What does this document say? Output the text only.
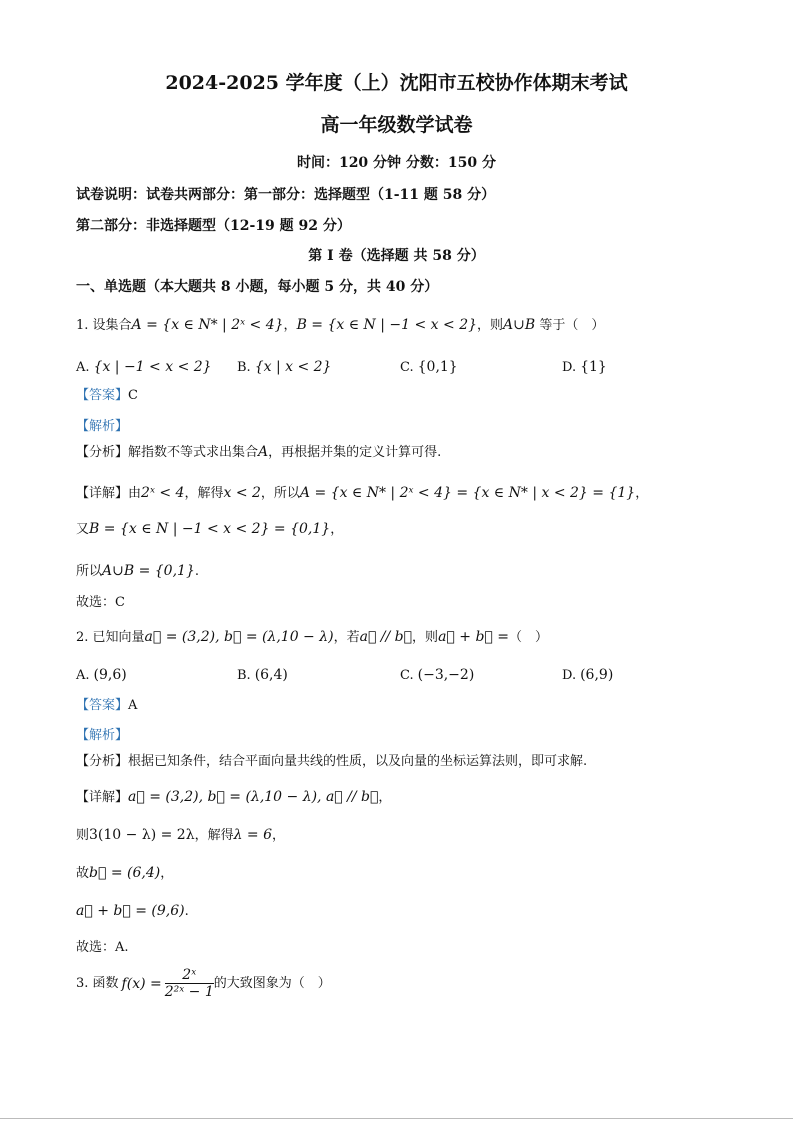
2024-2025 学年度（上）沈阳市五校协作体期末考试
高一年级数学试卷
时间：120 分钟 分数：150 分
试卷说明：试卷共两部分：第一部分：选择题型（1-11 题 58 分）
第二部分：非选择题型（12-19 题 92 分）
第 I 卷（选择题 共 58 分）
一、单选题（本大题共 8 小题，每小题 5 分，共 40 分）
1. 设集合A = {x ∈ N* | 2ˣ < 4}，B = {x ∈ N | −1 < x < 2}，则A∪B 等于（　）
A. {x | −1 < x < 2} B. {x | x < 2}	C. {0,1}	D. {1}
【答案】C
【解析】
【分析】解指数不等式求出集合A，再根据并集的定义计算可得.
【详解】由2ˣ < 4，解得x < 2，所以A = {x ∈ N* | 2ˣ < 4} = {x ∈ N* | x < 2} = {1}，
又B = {x ∈ N | −1 < x < 2} = {0,1}，
所以A∪B = {0,1}.
故选：C
2. 已知向量a⃗ = (3,2), b⃗ = (λ,10 − λ)，若a⃗ // b⃗，则a⃗ + b⃗ =（　）
A. (9,6)	B. (6,4)	C. (−3,−2)	D. (6,9)
【答案】A
【解析】
【分析】根据已知条件，结合平面向量共线的性质，以及向量的坐标运算法则，即可求解.
【详解】a⃗ = (3,2), b⃗ = (λ,10 − λ), a⃗ // b⃗，
则3(10 − λ) = 2λ，解得λ = 6，
故b⃗ = (6,4)，
a⃗ + b⃗ = (9,6).
故选：A.
3. 函数 $f(x) = \frac{\text{2ˣ}}{\text{2²ˣ − 1}}$ 的大致图象为（　）
